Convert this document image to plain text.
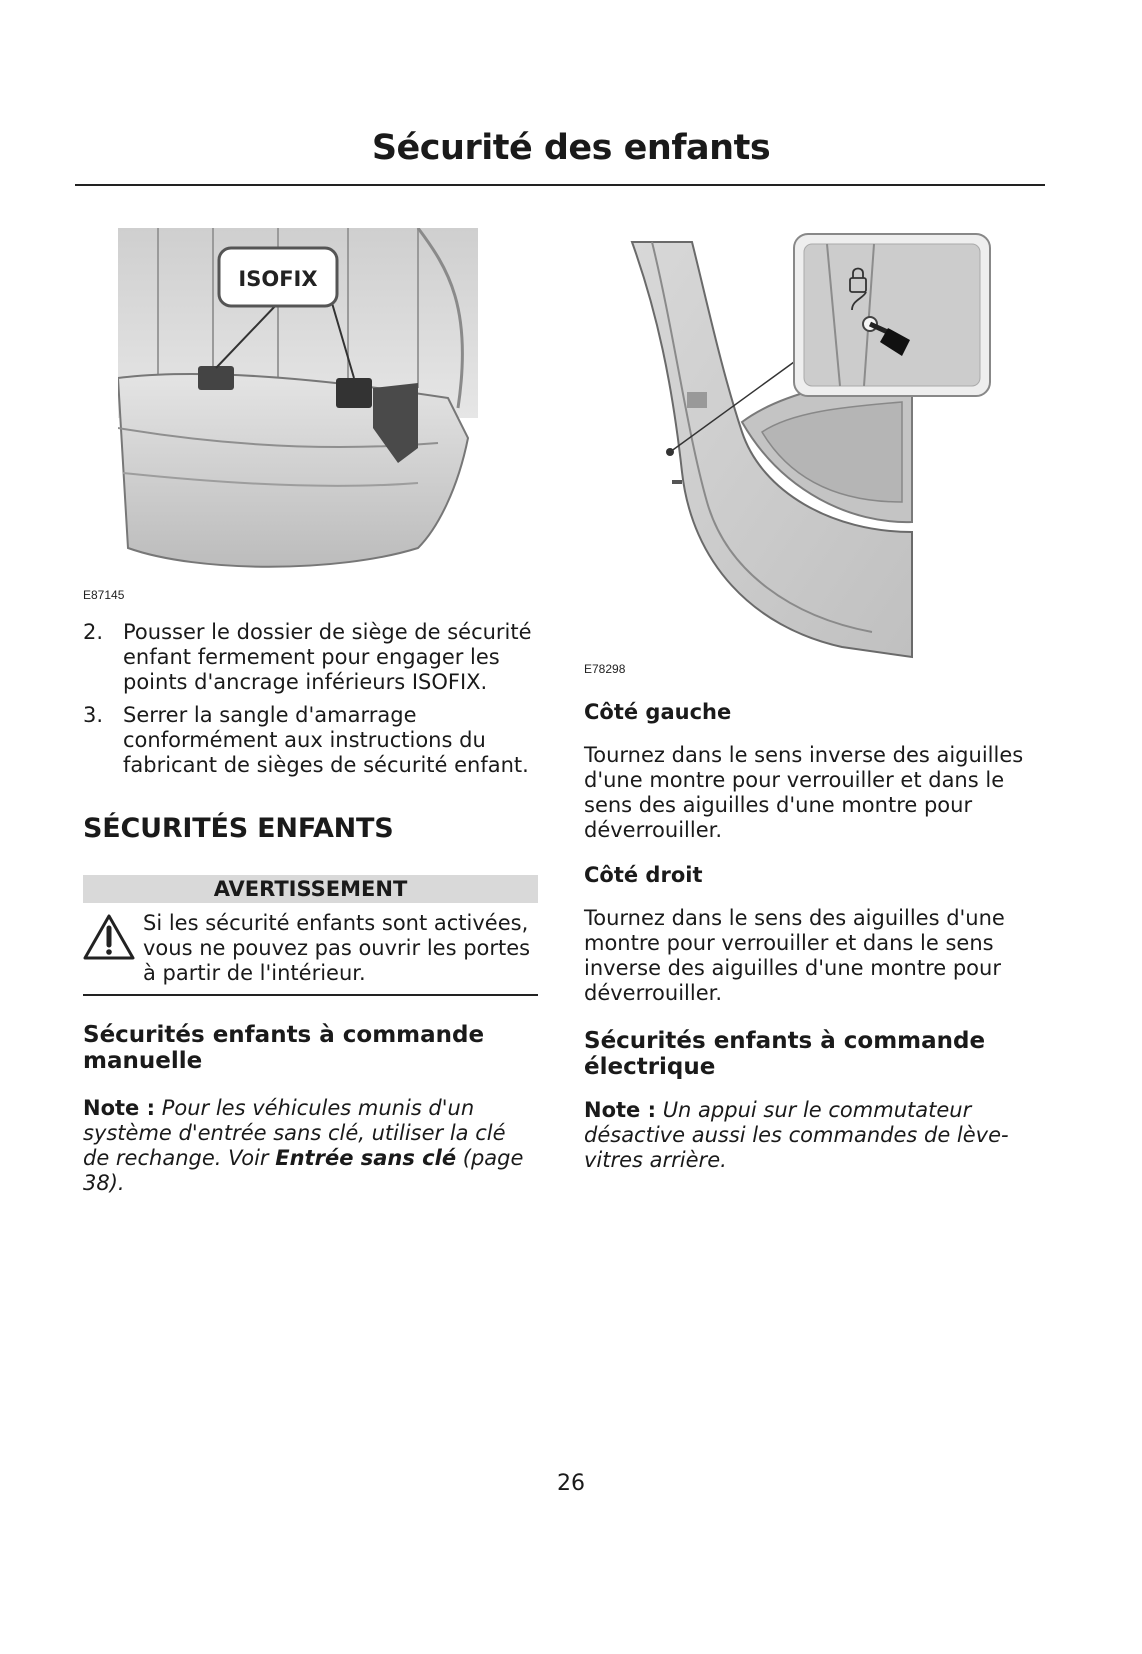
Sécurité des enfants
ISOFIX
E87145
E78298
2. Pousser le dossier de siège de sécurité enfant fermement pour engager les points d'ancrage inférieurs ISOFIX.
3. Serrer la sangle d'amarrage conformément aux instructions du fabricant de sièges de sécurité enfant.
SÉCURITÉS ENFANTS
AVERTISSEMENT
Si les sécurité enfants sont activées, vous ne pouvez pas ouvrir les portes à partir de l'intérieur.
Sécurités enfants à commande manuelle
Note : Pour les véhicules munis d'un système d'entrée sans clé, utiliser la clé de rechange. Voir Entrée sans clé (page 38).
Côté gauche
Tournez dans le sens inverse des aiguilles d'une montre pour verrouiller et dans le sens des aiguilles d'une montre pour déverrouiller.
Côté droit
Tournez dans le sens des aiguilles d'une montre pour verrouiller et dans le sens inverse des aiguilles d'une montre pour déverrouiller.
Sécurités enfants à commande électrique
Note : Un appui sur le commutateur désactive aussi les commandes de lève-vitres arrière.
26
